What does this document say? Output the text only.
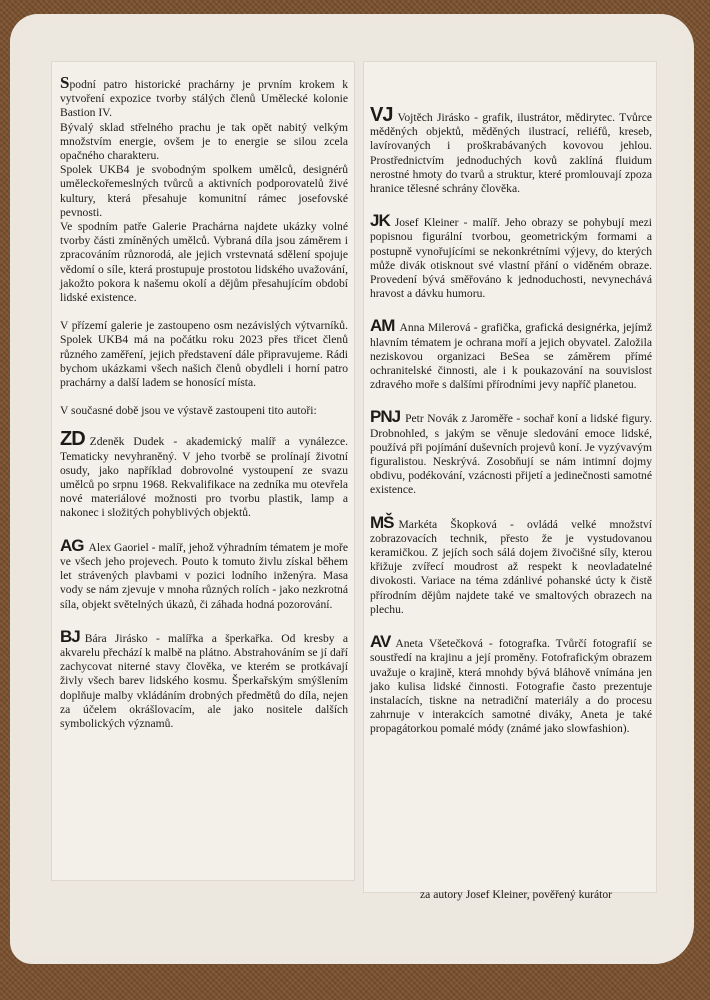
Spodní patro historické prachárny je prvním krokem k vytvoření expozice tvorby stálých členů Umělecké kolonie Bastion IV.
Bývalý sklad střelného prachu je tak opět nabitý velkým množstvím energie, ovšem je to energie se silou zcela opačného charakteru.
Spolek UKB4 je svobodným spolkem umělců, designérů uměleckořemeslných tvůrců a aktivních podporovatelů živé kultury, která přesahuje komunitní rámec josefovské pevnosti.
Ve spodním patře Galerie Prachárna najdete ukázky volné tvorby části zmíněných umělců. Vybraná díla jsou záměrem i zpracováním různorodá, ale jejich vrstevnatá sdělení spojuje vědomí o síle, která prostupuje prostotou lidského uvažování, jakožto pokora k našemu okolí a dějům přesahujícím období lidské existence.

V přízemí galerie je zastoupeno osm nezávislých výtvarníků. Spolek UKB4 má na počátku roku 2023 přes třicet členů různého zaměření, jejich představení dále připravujeme. Rádi bychom ukázkami všech našich členů obydleli i horní patro prachárny a další ladem se honosící místa.

V současné době jsou ve výstavě zastoupeni tito autoři:

ZD Zdeněk Dudek - akademický malíř a vynálezce. Tematicky nevyhraněný. V jeho tvorbě se prolínají životní osudy, jako například dobrovolné vystoupení ze svazu umělců po srpnu 1968. Rekvalifikace na zedníka mu otevřela nové materiálové možnosti pro tvorbu plastik, lamp a nakonec i složitých pohyblivých objektů.

AG Alex Gaoriel - malíř, jehož výhradním tématem je moře ve všech jeho projevech. Pouto k tomuto živlu získal během let strávených plavbami v pozici lodního inženýra. Masa vody se nám zjevuje v mnoha různých rolích - jako nezkrotná síla, objekt světelných úkazů, či záhada hodná pozorování.

BJ Bára Jirásko - malířka a šperkařka. Od kresby a akvarelu přechází k malbě na plátno. Abstrahováním se jí daří zachycovat niterné stavy člověka, ve kterém se protkávají živly všech barev lidského kosmu. Šperkařským smýšlením doplňuje malby vkládáním drobných předmětů do díla, nejen za účelem okrášlovacím, ale jako nositele dalších symbolických významů.

VJ Vojtěch Jirásko - grafik, ilustrátor, mědirytec. Tvůrce měděných objektů, měděných ilustrací, reliéfů, kreseb, lavírovaných i proškrabávaných kovovou jehlou. Prostřednictvím jednoduchých kovů zaklíná fluidum nerostné hmoty do tvarů a struktur, které promlouvají zpoza hranice tělesné schrány člověka.

JK Josef Kleiner - malíř. Jeho obrazy se pohybují mezi popisnou figurální tvorbou, geometrickým formami a postupně vynořujícími se nekonkrétními výjevy, do kterých může divák otisknout své vlastní přání o viděném obraze. Provedení bývá směřováno k jednoduchosti, nevynechává hravost a dávku humoru.

AM Anna Milerová - grafička, grafická designérka, jejímž hlavním tématem je ochrana moří a jejich obyvatel. Založila neziskovou organizaci BeSea se záměrem přímé ochranitelské činnosti, ale i k poukazování na souvislost zdravého moře s dalšími přírodními jevy napříč planetou.

PNJ Petr Novák z Jaroměře - sochař koní a lidské figury. Drobnohled, s jakým se věnuje sledování emoce lidské, používá při pojímání duševních projevů koní. Je vyzývavým figuralistou. Neskrývá. Zosobňují se nám intimní dojmy obdivu, podékování, vzácnosti přijetí a jedinečnosti samotné existence.

MŠ Markéta Škopková - ovládá velké množství zobrazovacích technik, přesto že je vystudovanou keramičkou. Z jejích soch sálá dojem živočišné síly, kterou křižuje zvířecí moudrost až respekt k neovladatelné divokosti. Variace na téma zdánlivé pohanské úcty k čistě přírodním dějům najdete také ve smaltových obrazech na plechu.

AV Aneta Všetečková - fotografka. Tvůrčí fotografií se soustředí na krajinu a její proměny. Fotofrafickým obrazem uvažuje o krajině, která mnohdy bývá bláhově vnímána jen jako kulisa lidské činnosti. Fotografie často prezentuje instalacích, tiskne na netradiční materiály a do procesu zahrnuje v interakcích samotné diváky, Aneta je také propagátorkou pomalé módy (známé jako slowfashion).

za autory Josef Kleiner, pověřený kurátor
